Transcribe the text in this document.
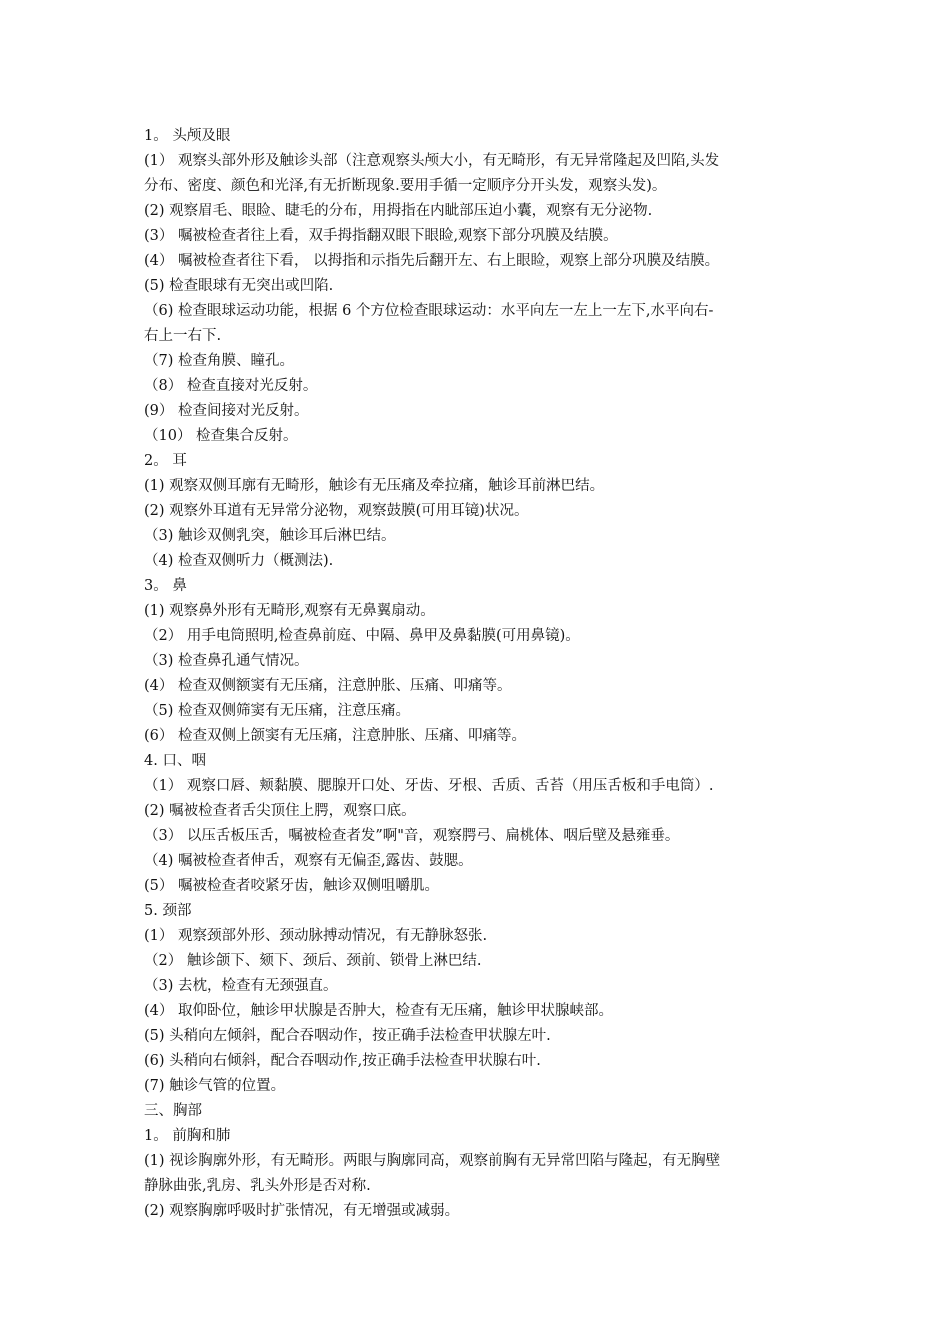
1。 头颅及眼
(1） 观察头部外形及触诊头部（注意观察头颅大小，有无畸形，有无异常隆起及凹陷,头发
分布、密度、颜色和光泽,有无折断现象.要用手循一定顺序分开头发，观察头发)。
(2) 观察眉毛、眼睑、睫毛的分布，用拇指在内眦部压迫小囊，观察有无分泌物.
(3） 嘱被检查者往上看，双手拇指翻双眼下眼睑,观察下部分巩膜及结膜。
(4） 嘱被检查者往下看， 以拇指和示指先后翻开左、右上眼睑，观察上部分巩膜及结膜。
(5) 检查眼球有无突出或凹陷.
（6) 检查眼球运动功能，根据 6 个方位检查眼球运动：水平向左一左上一左下,水平向右-
右上一右下.
（7) 检查角膜、瞳孔。
（8） 检查直接对光反射。
(9） 检查间接对光反射。
（10） 检查集合反射。
2。 耳
(1) 观察双侧耳廓有无畸形，触诊有无压痛及牵拉痛，触诊耳前淋巴结。
(2) 观察外耳道有无异常分泌物，观察鼓膜(可用耳镜)状况。
（3) 触诊双侧乳突，触诊耳后淋巴结。
（4) 检查双侧听力（概测法).
3。 鼻
(1) 观察鼻外形有无畸形,观察有无鼻翼扇动。
（2） 用手电筒照明,检查鼻前庭、中隔、鼻甲及鼻黏膜(可用鼻镜)。
（3) 检查鼻孔通气情况。
(4） 检查双侧额窦有无压痛，注意肿胀、压痛、叩痛等。
（5) 检查双侧筛窦有无压痛，注意压痛。
(6） 检查双侧上颌窦有无压痛，注意肿胀、压痛、叩痛等。
4. 口、咽
（1） 观察口唇、颊黏膜、腮腺开口处、牙齿、牙根、舌质、舌苔（用压舌板和手电筒）.
(2) 嘱被检查者舌尖顶住上腭，观察口底。
（3） 以压舌板压舌，嘱被检查者发”啊"音，观察腭弓、扁桃体、咽后壁及悬雍垂。
（4) 嘱被检查者伸舌，观察有无偏歪,露齿、鼓腮。
(5） 嘱被检查者咬紧牙齿，触诊双侧咀嚼肌。
5. 颈部
(1） 观察颈部外形、颈动脉搏动情况，有无静脉怒张.
（2） 触诊颌下、颏下、颈后、颈前、锁骨上淋巴结.
（3) 去枕，检查有无颈强直。
(4） 取仰卧位，触诊甲状腺是否肿大，检查有无压痛，触诊甲状腺峡部。
(5) 头稍向左倾斜，配合吞咽动作，按正确手法检查甲状腺左叶.
(6) 头稍向右倾斜，配合吞咽动作,按正确手法检查甲状腺右叶.
(7) 触诊气管的位置。
三、胸部
1。 前胸和肺
(1) 视诊胸廓外形，有无畸形。两眼与胸廓同高，观察前胸有无异常凹陷与隆起，有无胸壁
静脉曲张,乳房、乳头外形是否对称.
(2) 观察胸廓呼吸时扩张情况，有无增强或减弱。
